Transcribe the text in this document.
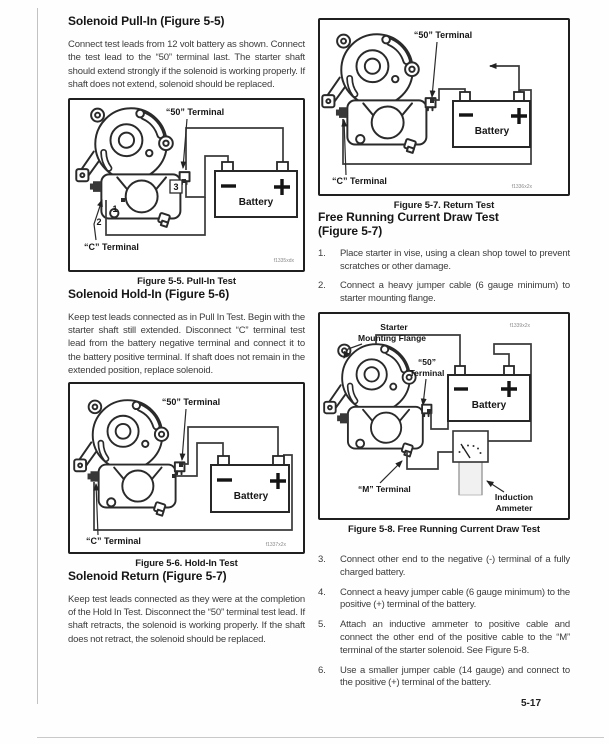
Solenoid Pull-In (Figure 5-5)

Connect test leads from 12 volt battery as shown. Connect the test lead to the “50” terminal last. The starter shaft should extend strongly if the solenoid is working properly. If shaft does not extend, solenoid should be replaced.

Battery
3
1
2
“50” Terminal
“C” Terminal
f1335xdx
Figure 5-5. Pull-In Test
Solenoid Hold-In (Figure 5-6)

Keep test leads connected as in Pull In Test. Begin with the starter shaft still extended. Disconnect “C” terminal test lead from the battery negative terminal and connect it to the battery positive terminal. If shaft does not remain in the extended position, replace solenoid.

Battery
“50” Terminal
“C” Terminal	f1337x2x
Figure 5-6. Hold-In Test
Solenoid Return (Figure 5-7)

Keep test leads connected as they were at the completion of the Hold In Test. Disconnect the “50” terminal test lead. If shaft retracts, the solenoid is working properly. If the shaft does not retract, the solenoid should be replaced.

Battery
“50” Terminal
“C” Terminal
f1336x2x
Figure 5-7. Return Test
Free Running Current Draw Test
(Figure 5-7)
1.	Place starter in vise, using a clean shop towel to prevent scratches or other damage.
2.	Connect a heavy jumper cable (6 gauge minimum) to starter mounting flange.
Battery
Starter
Mounting Flange
“50”
Terminal
“M” Terminal
Induction
Ammeter
f1339x2x
Figure 5-8. Free Running Current Draw Test
3.	Connect other end to the negative (-) terminal of a fully charged battery.
4.	Connect a heavy jumper cable (6 gauge minimum) to the positive (+) terminal of the battery.
5.	Attach an inductive ammeter to positive cable and connect the other end of the positive cable to the “M” terminal of the starter solenoid. See Figure 5-8.
6.	Use a smaller jumper cable (14 gauge) and connect to the positive (+) terminal of the battery.
5-17
